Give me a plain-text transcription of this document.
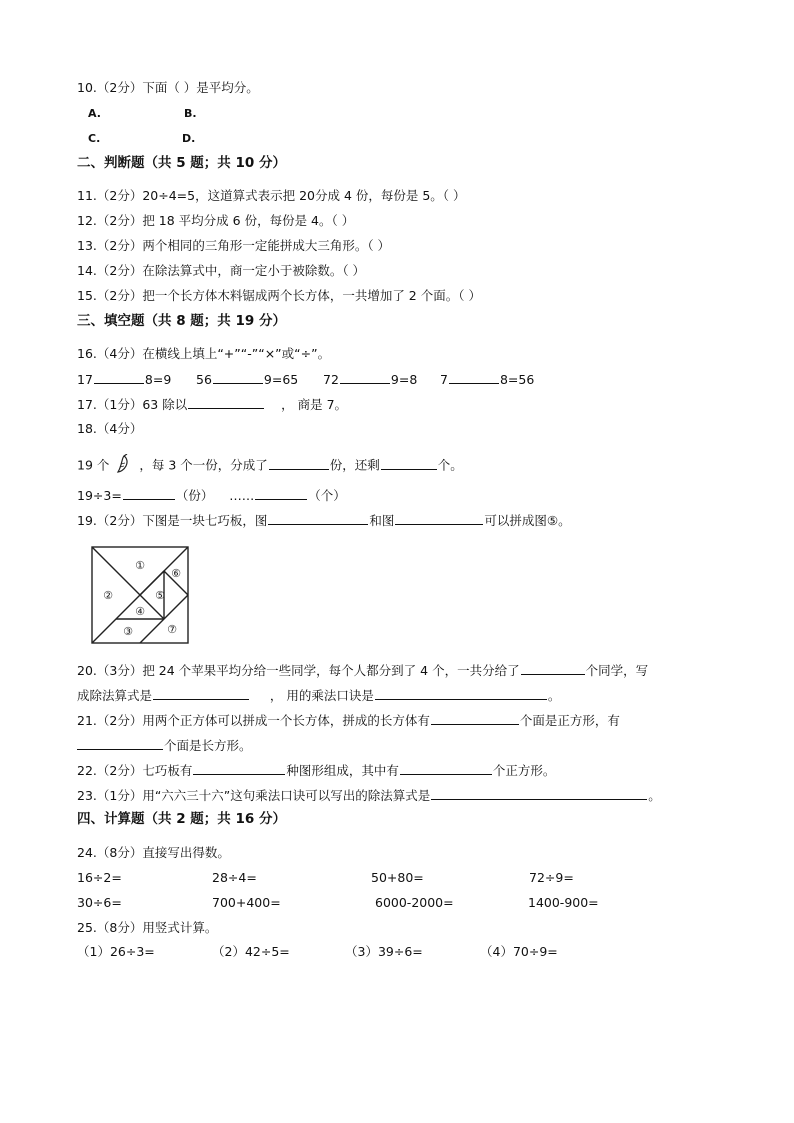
10.（2分）下面（ ）是平均分。
A.	B.
C.	D.
二、判断题（共 5 题；共 10 分）
11.（2分）20÷4=5，这道算式表示把 20分成 4 份，每份是 5。（ ）
12.（2分）把 18 平均分成 6 份，每份是 4。（ ）
13.（2分）两个相同的三角形一定能拼成大三角形。（ ）
14.（2分）在除法算式中，商一定小于被除数。（ ）
15.（2分）把一个长方体木料锯成两个长方体，一共增加了 2 个面。（ ）
三、填空题（共 8 题；共 19 分）
16.（4分）在横线上填上“+”“-”“×”或“÷”。
17	8=9 56	9=65 72	9=8 7	8=56
17.（1分）63 除以	， 商是 7。
18.（4分）
19 个 ，每 3 个一份，分成了	份，还剩	个。
19÷3=	（份） ……	（个）
19.（2分）下图是一块七巧板，图	和图	可以拼成图⑤。
①
②
③
④
⑤
⑥
⑦
20.（3分）把 24 个苹果平均分给一些同学，每个人都分到了 4 个，一共分给了	个同学，写
成除法算式是	， 用的乘法口诀是	。
21.（2分）用两个正方体可以拼成一个长方体，拼成的长方体有	个面是正方形，有
个面是长方形。
22.（2分）七巧板有	种图形组成，其中有	个正方形。
23.（1分）用“六六三十六”这句乘法口诀可以写出的除法算式是	。
四、计算题（共 2 题；共 16 分）
24.（8分）直接写出得数。
16÷2=	28÷4=	50+80=	72÷9=
30÷6=	700+400=	6000-2000=	1400-900=
25.（8分）用竖式计算。
（1）26÷3=	（2）42÷5=	（3）39÷6=	（4）70÷9=
